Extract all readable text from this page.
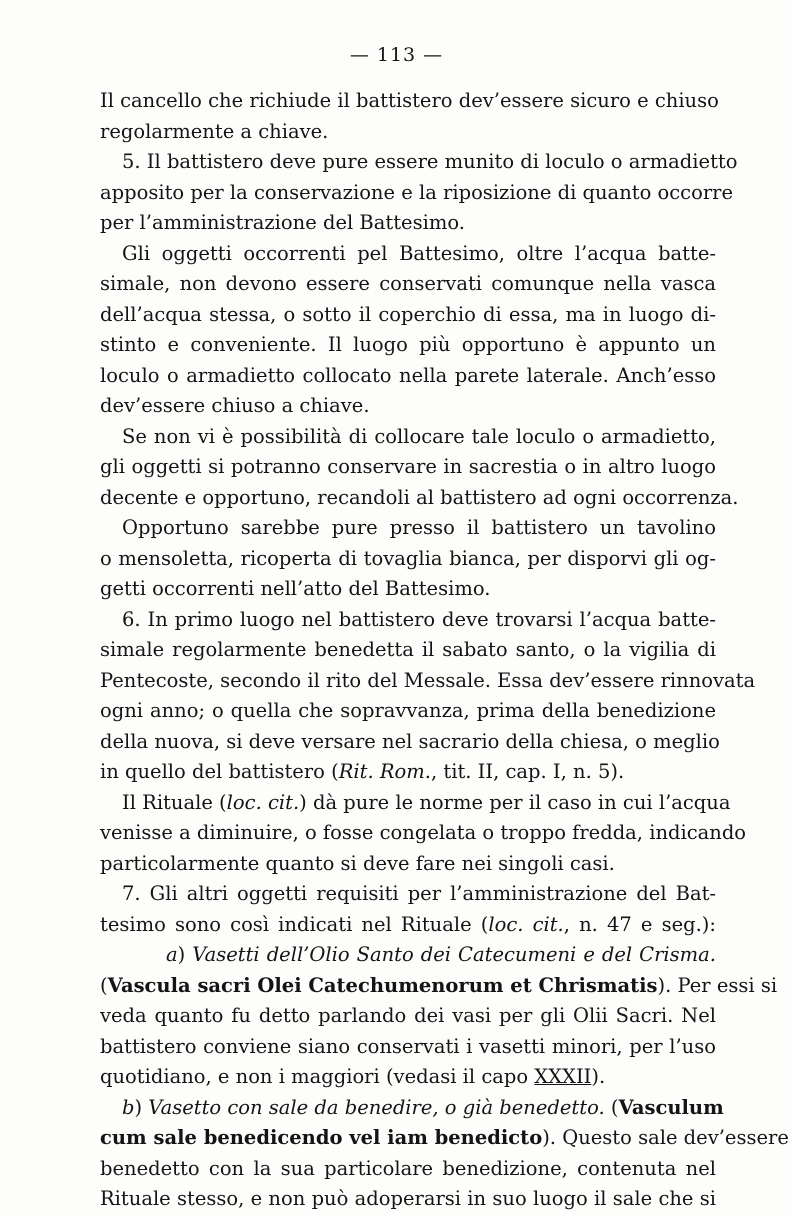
— 113 —
Il cancello che richiude il battistero dev’essere sicuro e chiuso
regolarmente a chiave.
5. Il battistero deve pure essere munito di loculo o armadietto
apposito per la conservazione e la riposizione di quanto occorre
per l’amministrazione del Battesimo.
Gli oggetti occorrenti pel Battesimo, oltre l’acqua batte-
simale, non devono essere conservati comunque nella vasca
dell’acqua stessa, o sotto il coperchio di essa, ma in luogo di-
stinto e conveniente. Il luogo più opportuno è appunto un
loculo o armadietto collocato nella parete laterale. Anch’esso
dev’essere chiuso a chiave.
Se non vi è possibilità di collocare tale loculo o armadietto,
gli oggetti si potranno conservare in sacrestia o in altro luogo
decente e opportuno, recandoli al battistero ad ogni occorrenza.
Opportuno sarebbe pure presso il battistero un tavolino
o mensoletta, ricoperta di tovaglia bianca, per disporvi gli og-
getti occorrenti nell’atto del Battesimo.
6. In primo luogo nel battistero deve trovarsi l’acqua batte-
simale regolarmente benedetta il sabato santo, o la vigilia di
Pentecoste, secondo il rito del Messale. Essa dev’essere rinnovata
ogni anno; o quella che sopravvanza, prima della benedizione
della nuova, si deve versare nel sacrario della chiesa, o meglio
in quello del battistero (Rit. Rom., tit. II, cap. I, n. 5).
Il Rituale (loc. cit.) dà pure le norme per il caso in cui l’acqua
venisse a diminuire, o fosse congelata o troppo fredda, indicando
particolarmente quanto si deve fare nei singoli casi.
7. Gli altri oggetti requisiti per l’amministrazione del Bat-
tesimo sono così indicati nel Rituale (loc. cit., n. 47 e seg.):
a) Vasetti dell’Olio Santo dei Catecumeni e del Crisma.
(Vascula sacri Olei Catechumenorum et Chrismatis). Per essi si
veda quanto fu detto parlando dei vasi per gli Olii Sacri. Nel
battistero conviene siano conservati i vasetti minori, per l’uso
quotidiano, e non i maggiori (vedasi il capo XXXII).
b) Vasetto con sale da benedire, o già benedetto. (Vasculum
cum sale benedicendo vel iam benedicto). Questo sale dev’essere
benedetto con la sua particolare benedizione, contenuta nel
Rituale stesso, e non può adoperarsi in suo luogo il sale che si
